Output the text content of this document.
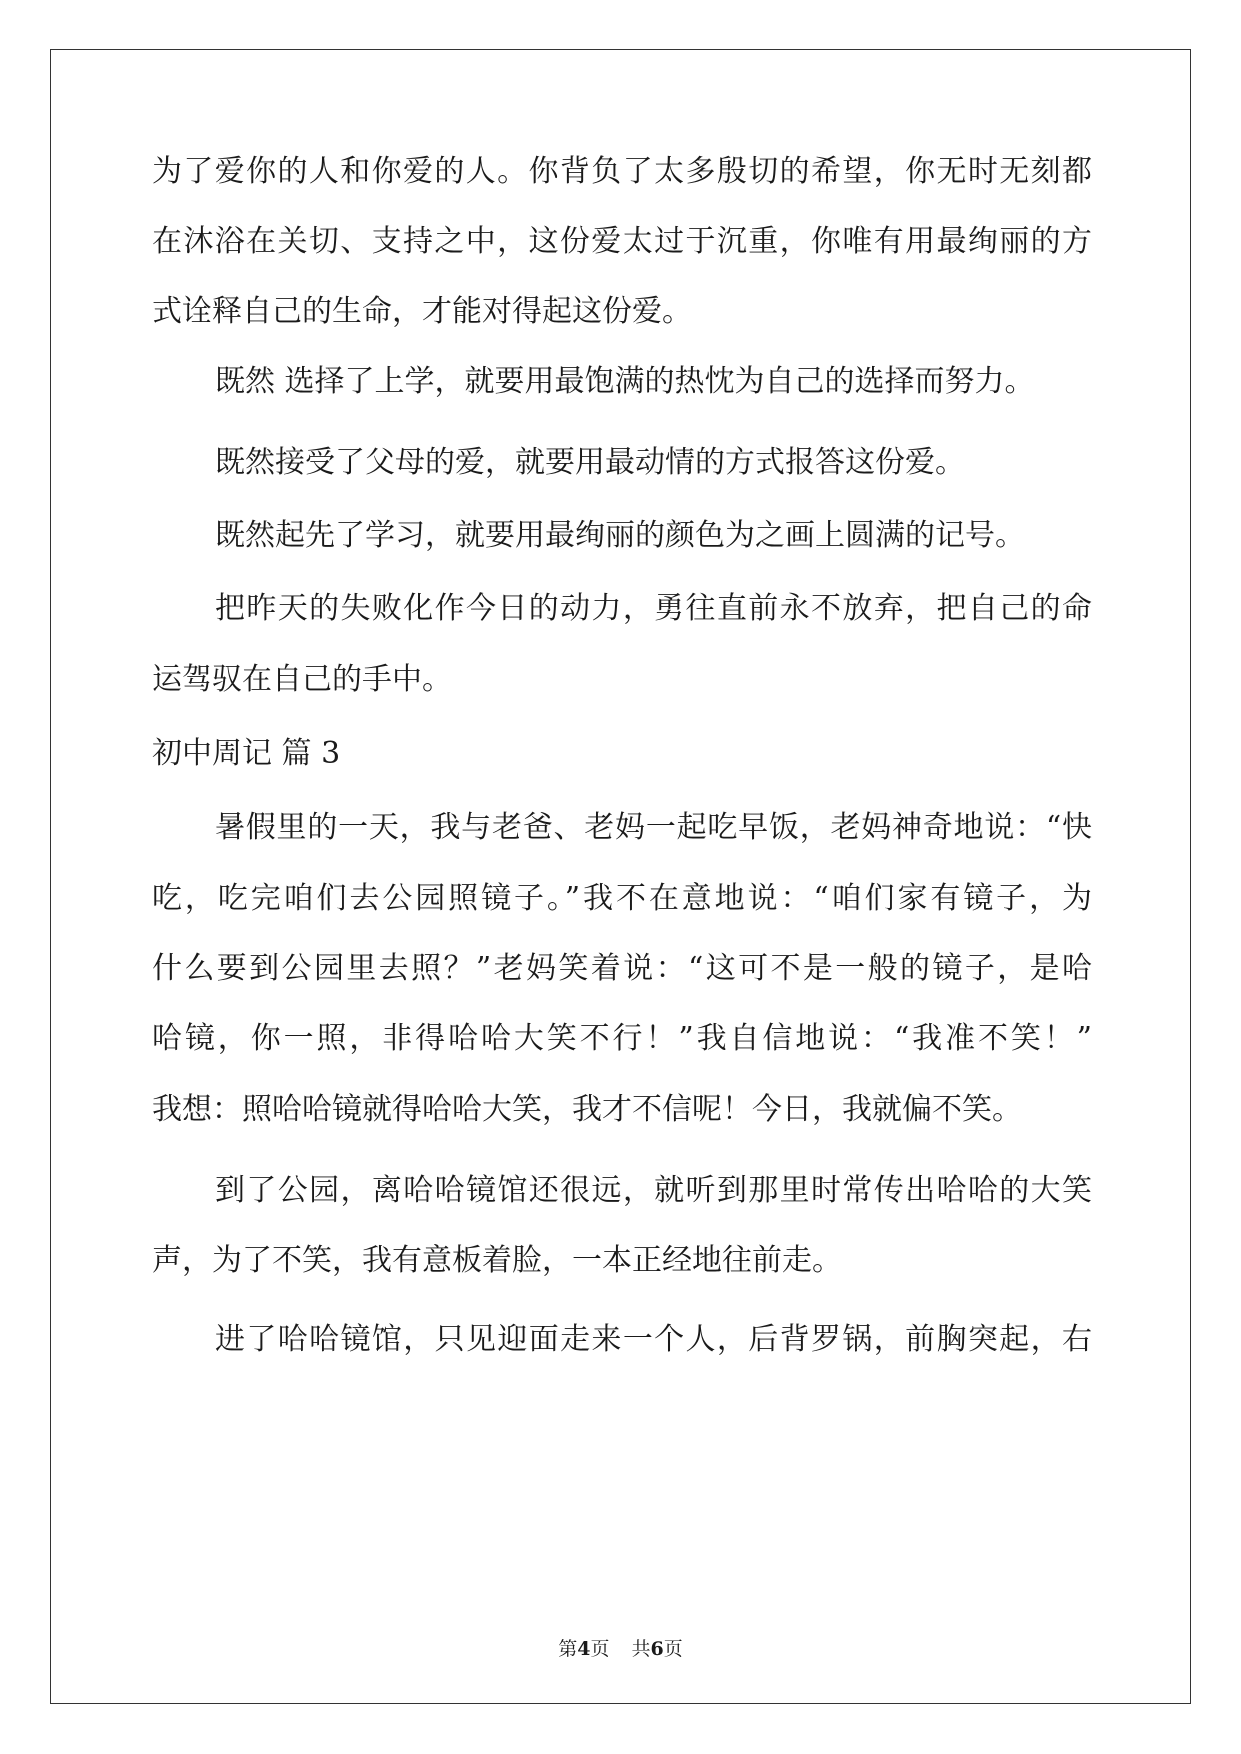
为了爱你的人和你爱的人。你背负了太多殷切的希望，你无时无刻都
在沐浴在关切、支持之中，这份爱太过于沉重，你唯有用最绚丽的方
式诠释自己的生命，才能对得起这份爱。
既然 选择了上学，就要用最饱满的热忱为自己的选择而努力。
既然接受了父母的爱，就要用最动情的方式报答这份爱。
既然起先了学习，就要用最绚丽的颜色为之画上圆满的记号。
把昨天的失败化作今日的动力，勇往直前永不放弃，把自己的命
运驾驭在自己的手中。
初中周记 篇 3
暑假里的一天，我与老爸、老妈一起吃早饭，老妈神奇地说：“快
吃，吃完咱们去公园照镜子。”我不在意地说：“咱们家有镜子，为
什么要到公园里去照？”老妈笑着说：“这可不是一般的镜子，是哈
哈镜，你一照，非得哈哈大笑不行！”我自信地说：“我准不笑！”
我想：照哈哈镜就得哈哈大笑，我才不信呢！今日，我就偏不笑。
到了公园，离哈哈镜馆还很远，就听到那里时常传出哈哈的大笑
声，为了不笑，我有意板着脸，一本正经地往前走。
进了哈哈镜馆，只见迎面走来一个人，后背罗锅，前胸突起，右
第4页 共6页
